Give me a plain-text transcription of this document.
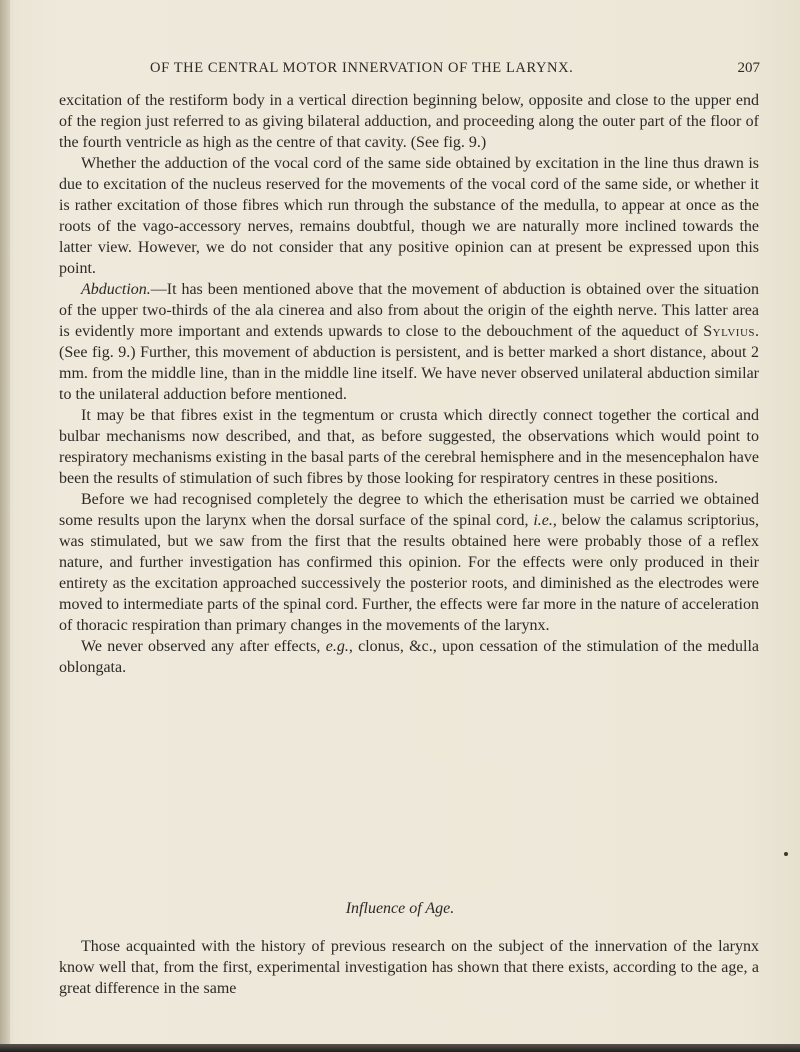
OF THE CENTRAL MOTOR INNERVATION OF THE LARYNX.	207

excitation of the restiform body in a vertical direction beginning below, opposite and close to the upper end of the region just referred to as giving bilateral adduction, and proceeding along the outer part of the floor of the fourth ventricle as high as the centre of that cavity. (See fig. 9.)

Whether the adduction of the vocal cord of the same side obtained by excitation in the line thus drawn is due to excitation of the nucleus reserved for the movements of the vocal cord of the same side, or whether it is rather excitation of those fibres which run through the substance of the medulla, to appear at once as the roots of the vago-accessory nerves, remains doubtful, though we are naturally more inclined towards the latter view. However, we do not consider that any positive opinion can at present be expressed upon this point.

Abduction.—It has been mentioned above that the movement of abduction is obtained over the situation of the upper two-thirds of the ala cinerea and also from about the origin of the eighth nerve. This latter area is evidently more important and extends upwards to close to the debouchment of the aqueduct of Sylvius. (See fig. 9.) Further, this movement of abduction is persistent, and is better marked a short distance, about 2 mm. from the middle line, than in the middle line itself. We have never observed unilateral abduction similar to the unilateral adduction before mentioned.

It may be that fibres exist in the tegmentum or crusta which directly connect together the cortical and bulbar mechanisms now described, and that, as before suggested, the observations which would point to respiratory mechanisms existing in the basal parts of the cerebral hemisphere and in the mesencephalon have been the results of stimulation of such fibres by those looking for respiratory centres in these positions.

Before we had recognised completely the degree to which the etherisation must be carried we obtained some results upon the larynx when the dorsal surface of the spinal cord, i.e., below the calamus scriptorius, was stimulated, but we saw from the first that the results obtained here were probably those of a reflex nature, and further investigation has confirmed this opinion. For the effects were only produced in their entirety as the excitation approached successively the posterior roots, and diminished as the electrodes were moved to intermediate parts of the spinal cord. Further, the effects were far more in the nature of acceleration of thoracic respiration than primary changes in the movements of the larynx.

We never observed any after effects, e.g., clonus, &c., upon cessation of the stimulation of the medulla oblongata.

Influence of Age.

Those acquainted with the history of previous research on the subject of the innervation of the larynx know well that, from the first, experimental investigation has shown that there exists, according to the age, a great difference in the same
